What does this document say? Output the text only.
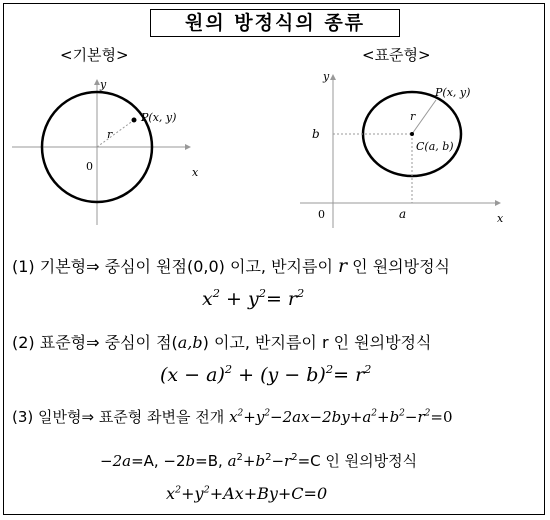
원의 방정식의 종류
<기본형>	<표준형>
y
x
0
r
P(x, y)
y
x
0
b
a
r
P(x, y)
C(a, b)
(1) 기본형⇒ 중심이 원점(0,0) 이고, 반지름이 r 인 원의방정식
$x^2 + y^2= r^2$
(2) 표준형⇒ 중심이 점(a,b) 이고, 반지름이 r 인 원의방정식
$(x - a)^2 + (y - b)^2= r^2$
(3) 일반형⇒ 표준형 좌변을 전개 $x^2+y^2-2ax-2by+a^2+b^2-r^2=0$
−2a=A, −2b=B, $a^2+b^2-r^2=C$ 인 원의방정식
$x^2+y^2+Ax+By+C=0$
